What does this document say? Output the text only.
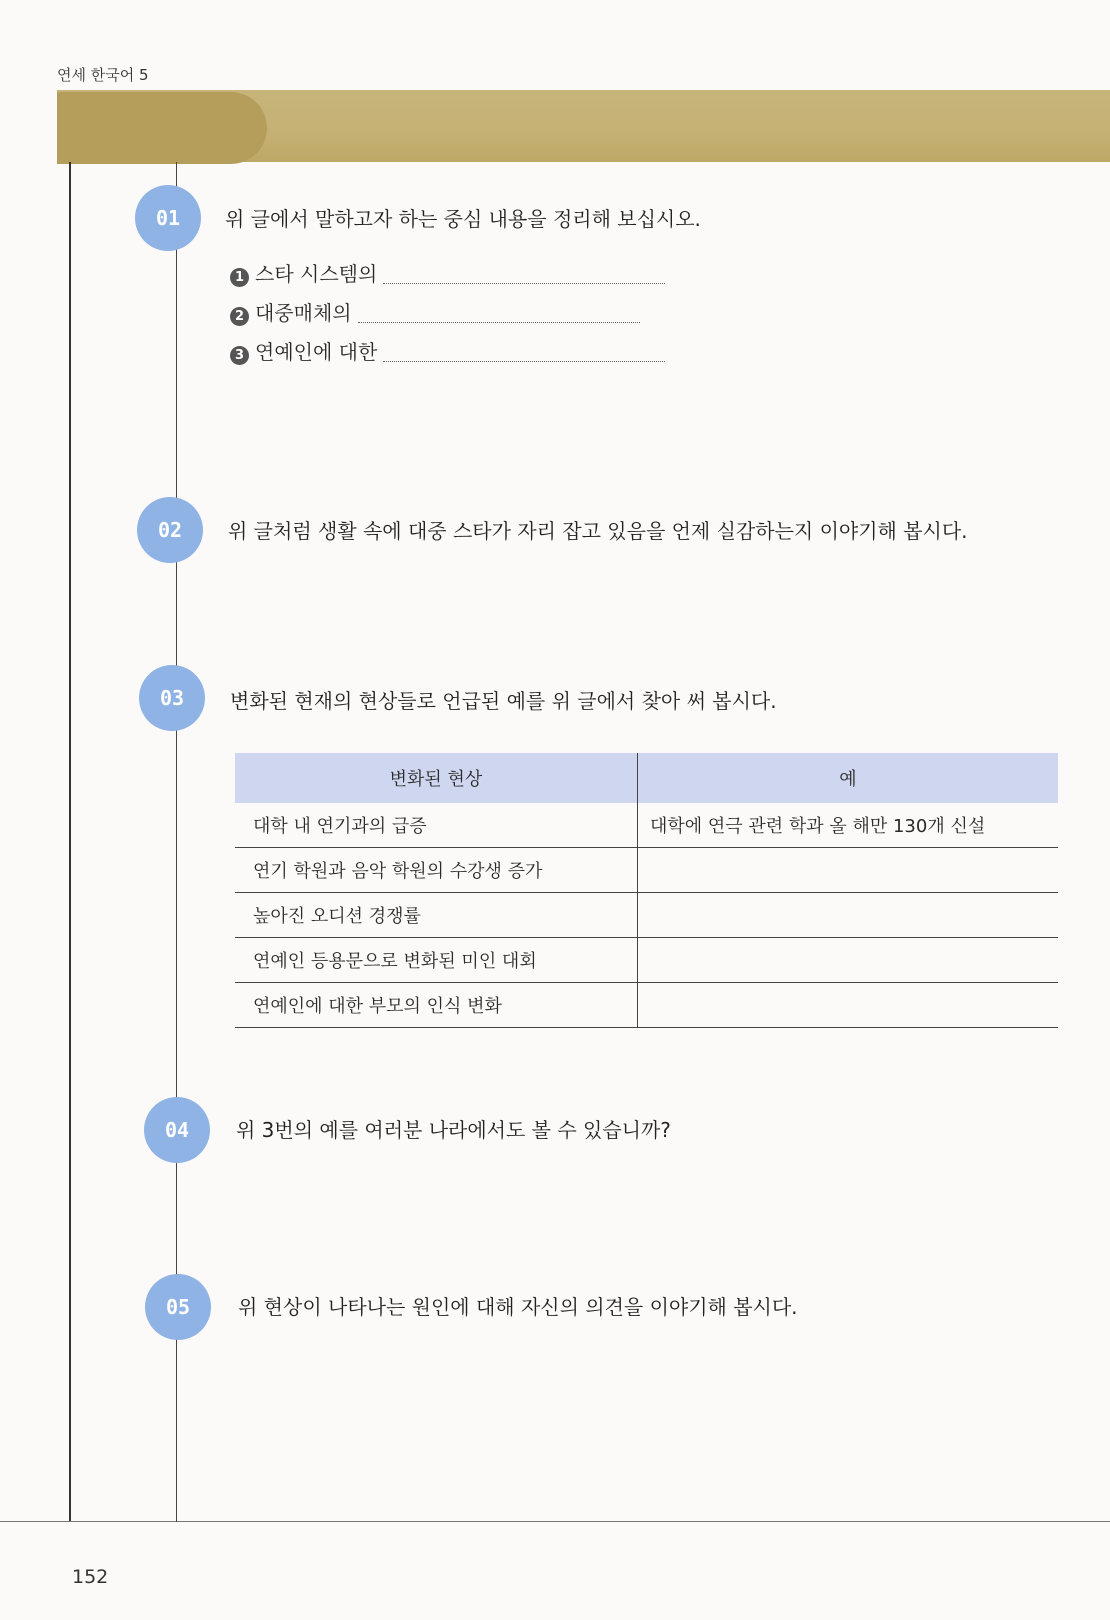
연세 한국어 5
01	위 글에서 말하고자 하는 중심 내용을 정리해 보십시오.
1 스타 시스템의
2 대중매체의
3 연예인에 대한
02	위 글처럼 생활 속에 대중 스타가 자리 잡고 있음을 언제 실감하는지 이야기해 봅시다.
03	변화된 현재의 현상들로 언급된 예를 위 글에서 찾아 써 봅시다.
변화된 현상	예
대학 내 연기과의 급증	대학에 연극 관련 학과 올 해만 130개 신설
연기 학원과 음악 학원의 수강생 증가	
높아진 오디션 경쟁률	
연예인 등용문으로 변화된 미인 대회	
연예인에 대한 부모의 인식 변화	
04	위 3번의 예를 여러분 나라에서도 볼 수 있습니까?
05	위 현상이 나타나는 원인에 대해 자신의 의견을 이야기해 봅시다.
152
